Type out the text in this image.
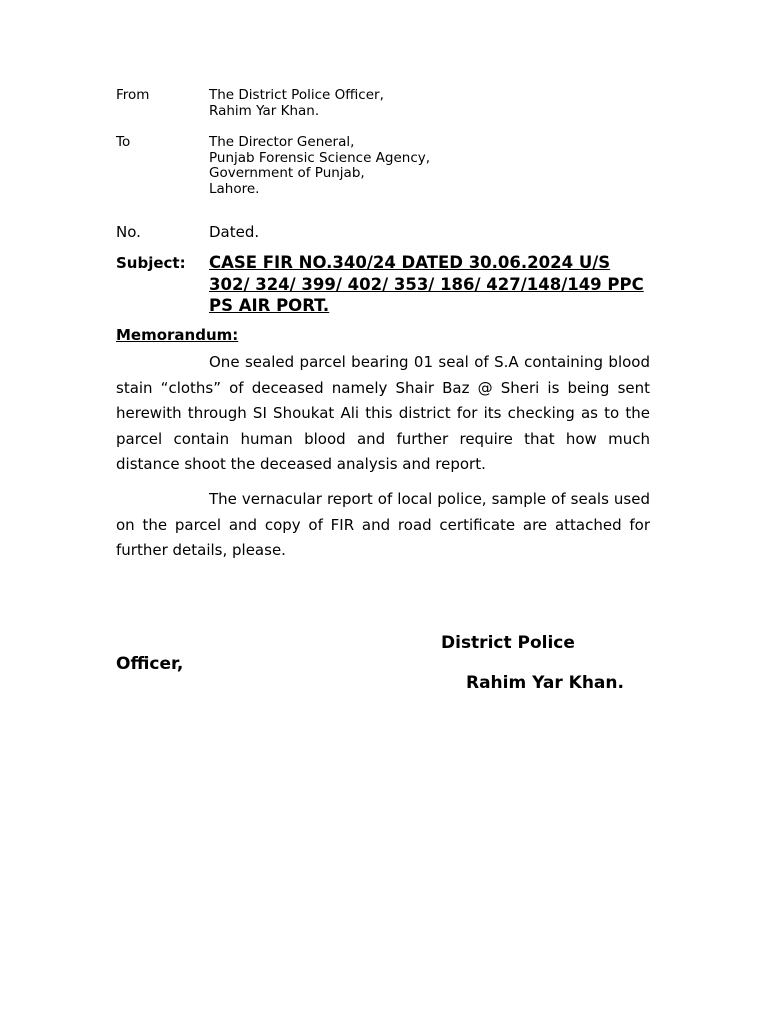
From	The District Police Officer,
Rahim Yar Khan.
To	The Director General,
Punjab Forensic Science Agency,
Government of Punjab,
Lahore.
No.	Dated.
Subject: CASE FIR NO.340/24 DATED 30.06.2024 U/S 302/ 324/ 399/ 402/ 353/ 186/ 427/148/149 PPC PS AIR PORT.
Memorandum:

One sealed parcel bearing 01 seal of S.A containing blood stain “cloths” of deceased namely Shair Baz @ Sheri is being sent herewith through SI Shoukat Ali this district for its checking as to the parcel contain human blood and further require that how much distance shoot the deceased analysis and report.

The vernacular report of local police, sample of seals used on the parcel and copy of FIR and road certificate are attached for further details, please.

District Police
Officer,
Rahim Yar Khan.
